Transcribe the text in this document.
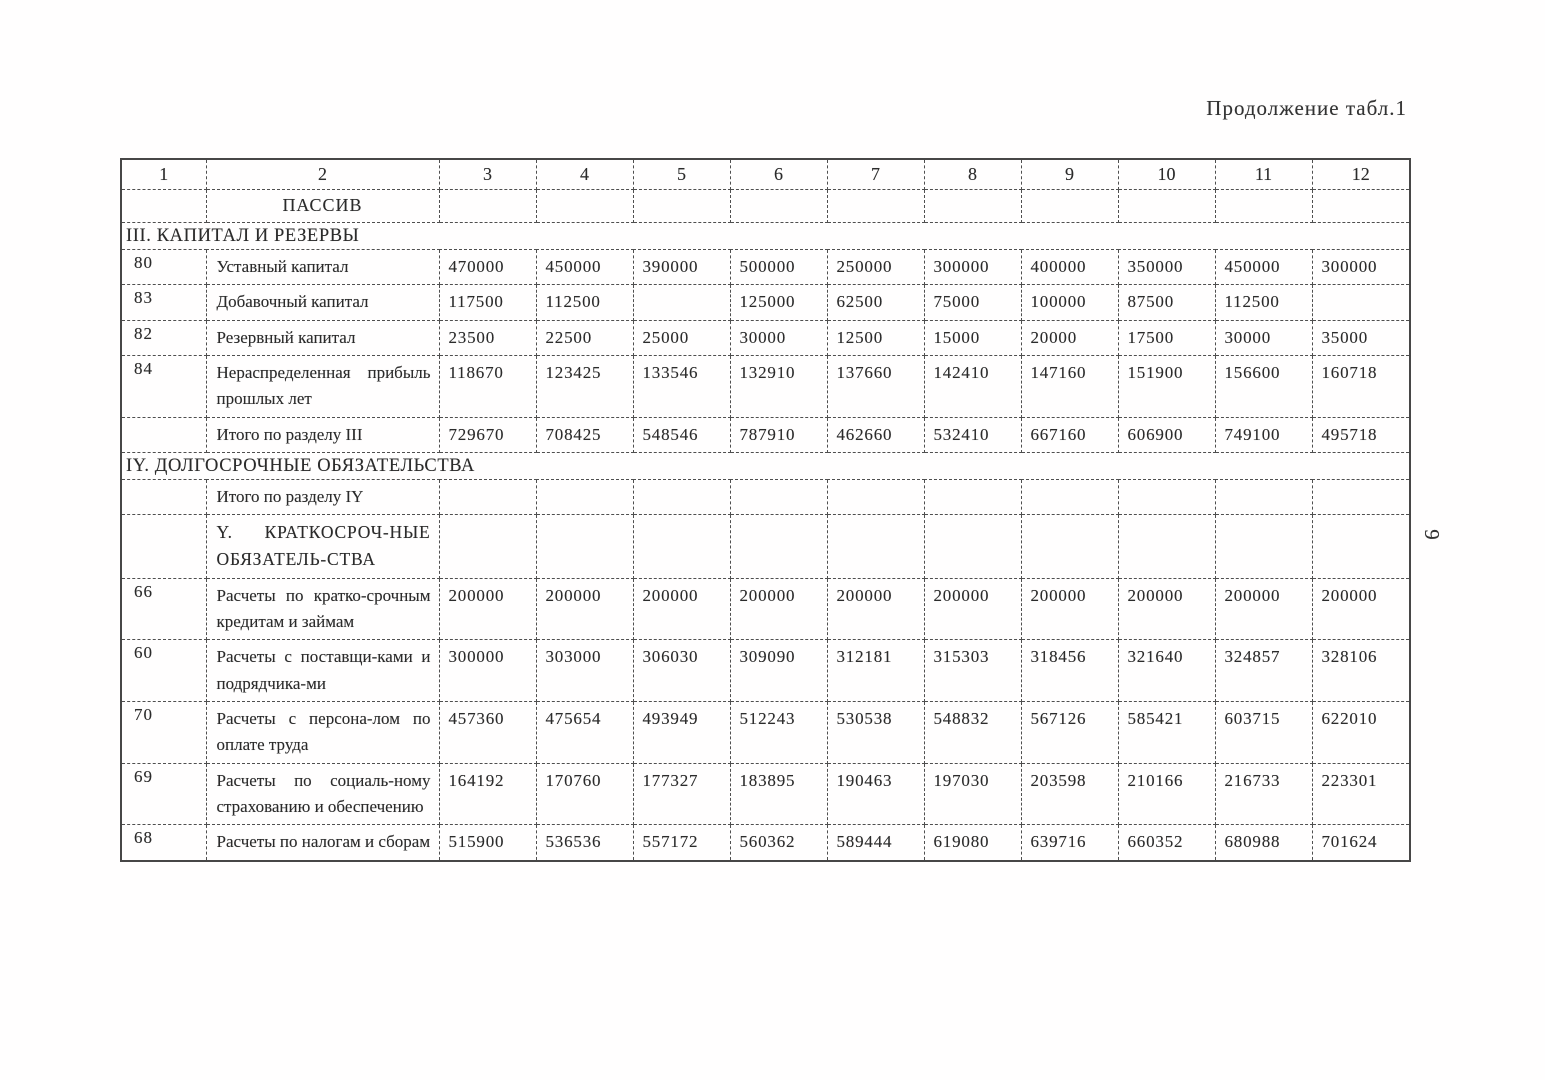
Продолжение табл.1
9
1	2	3	4	5	6	7	8	9	10	11	12
	ПАССИВ										
III. КАПИТАЛ И РЕЗЕРВЫ											
80	Уставный капитал	470000	450000	390000	500000	250000	300000	400000	350000	450000	300000
83	Добавочный капитал	117500	112500		125000	62500	75000	100000	87500	112500	
82	Резервный капитал	23500	22500	25000	30000	12500	15000	20000	17500	30000	35000
84	Нераспределенная прибыль прошлых лет	118670	123425	133546	132910	137660	142410	147160	151900	156600	160718
	Итого по разделу III	729670	708425	548546	787910	462660	532410	667160	606900	749100	495718
IY. ДОЛГОСРОЧНЫЕ ОБЯЗАТЕЛЬСТВА											
	Итого по разделу IY										
	Y. КРАТКОСРОЧ-НЫЕ ОБЯЗАТЕЛЬ-СТВА										
66	Расчеты по кратко-срочным кредитам и займам	200000	200000	200000	200000	200000	200000	200000	200000	200000	200000
60	Расчеты с поставщи-ками и подрядчика-ми	300000	303000	306030	309090	312181	315303	318456	321640	324857	328106
70	Расчеты с персона-лом по оплате труда	457360	475654	493949	512243	530538	548832	567126	585421	603715	622010
69	Расчеты по социаль-ному страхованию и обеспечению	164192	170760	177327	183895	190463	197030	203598	210166	216733	223301
68	Расчеты по налогам и сборам	515900	536536	557172	560362	589444	619080	639716	660352	680988	701624
